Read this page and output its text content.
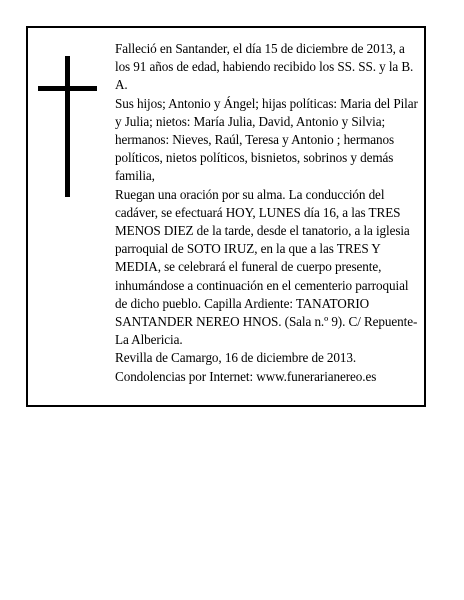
Falleció en Santander, el día 15 de diciembre de 2013, a los 91 años de edad, habiendo recibido los SS. SS. y la B. A.

Sus hijos; Antonio y Ángel; hijas políticas: Maria del Pilar y Julia; nietos: María Julia, David, Antonio y Silvia; hermanos: Nieves, Raúl, Teresa y Antonio ; hermanos políticos, nietos políticos, bisnietos, sobrinos y demás familia,

Ruegan una oración por su alma. La conducción del cadáver, se efectuará HOY, LUNES día 16, a las TRES MENOS DIEZ de la tarde, desde el tanatorio, a la iglesia parroquial de SOTO IRUZ, en la que a las TRES Y MEDIA, se celebrará el funeral de cuerpo presente, inhumándose a continuación en el cementerio parroquial de dicho pueblo. Capilla Ardiente: TANATORIO SANTANDER NEREO HNOS. (Sala n.º 9). C/ Repuente-La Albericia.

Revilla de Camargo, 16 de diciembre de 2013.

Condolencias por Internet: www.funerarianereo.es
